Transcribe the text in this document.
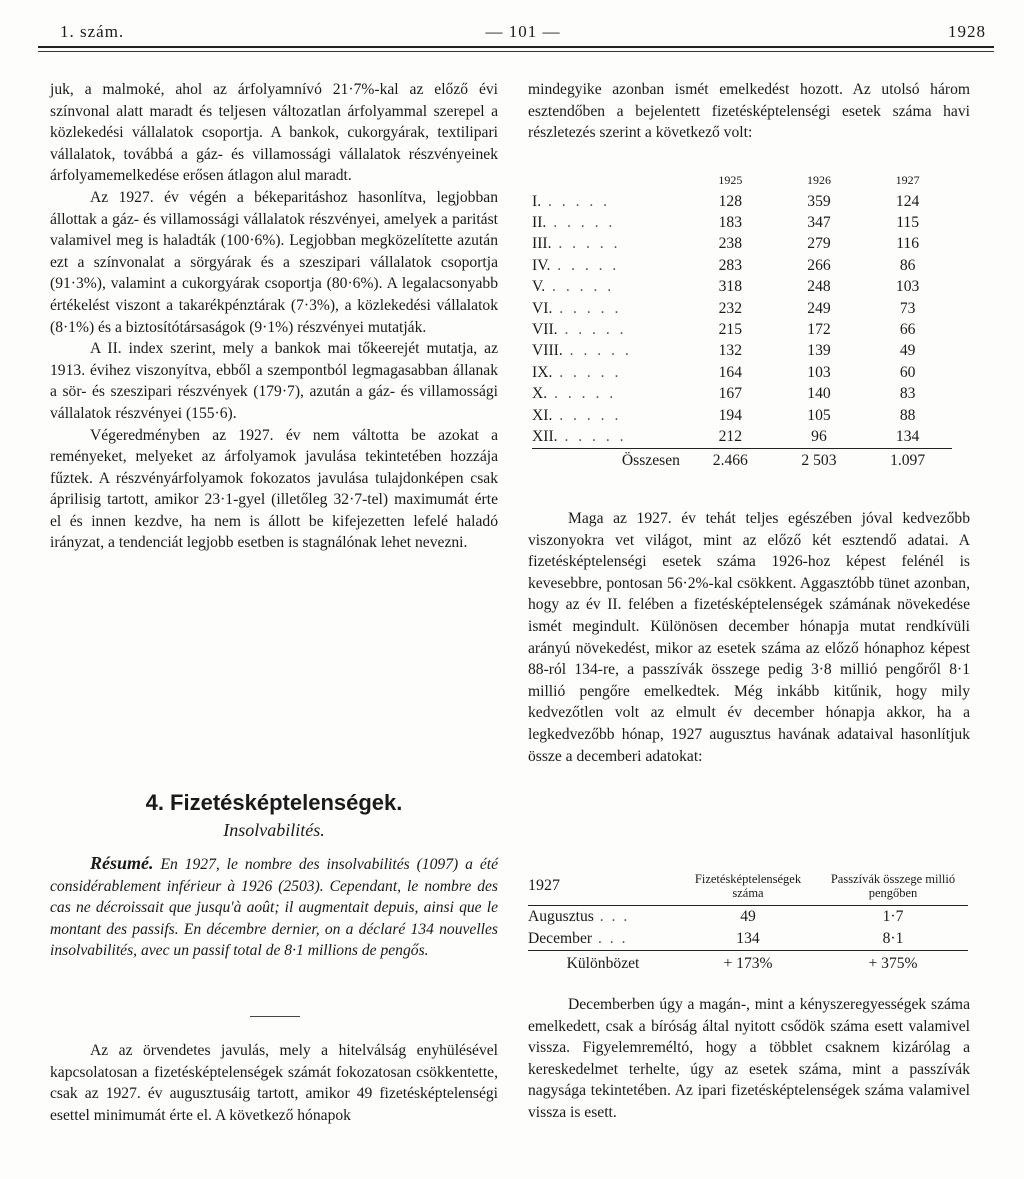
1. szám.	— 101 —	1928

juk, a malmoké, ahol az árfolyamnívó 21·7%-kal az előző évi színvonal alatt maradt és teljesen változatlan árfolyammal szerepel a közlekedési vállalatok csoportja. A bankok, cukorgyárak, textilipari vállalatok, továbbá a gáz- és villamossági vállalatok részvényeinek árfolyamemelkedése erősen átlagon alul maradt.

Az 1927. év végén a békeparitáshoz hasonlítva, legjobban állottak a gáz- és villamossági vállalatok részvényei, amelyek a paritást valamivel meg is haladták (100·6%). Legjobban megközelítette azután ezt a színvonalat a sörgyárak és a szeszipari vállalatok csoportja (91·3%), valamint a cukorgyárak csoportja (80·6%). A legalacsonyabb értékelést viszont a takarékpénztárak (7·3%), a közlekedési vállalatok (8·1%) és a biztosítótársaságok (9·1%) részvényei mutatják.

A II. index szerint, mely a bankok mai tőkeerejét mutatja, az 1913. évihez viszonyítva, ebből a szempontból legmagasabban állanak a sör- és szeszipari részvények (179·7), azután a gáz- és villamossági vállalatok részvényei (155·6).

Végeredményben az 1927. év nem váltotta be azokat a reményeket, melyeket az árfolyamok javulása tekintetében hozzája fűztek. A részvényárfolyamok fokozatos javulása tulajdonképen csak áprilisig tartott, amikor 23·1-gyel (illetőleg 32·7-tel) maximumát érte el és innen kezdve, ha nem is állott be kifejezetten lefelé haladó irányzat, a tendenciát legjobb esetben is stagnálónak lehet nevezni.

4. Fizetésképtelenségek.
Insolvabilités.
Résumé. En 1927, le nombre des insolvabilités (1097) a été considérablement inférieur à 1926 (2503). Cependant, le nombre des cas ne décroissait que jusqu'à août; il augmentait depuis, ainsi que le montant des passifs. En décembre dernier, on a déclaré 134 nouvelles insolvabilités, avec un passif total de 8·1 millions de pengős.

Az az örvendetes javulás, mely a hitelválság enyhülésével kapcsolatosan a fizetésképtelenségek számát fokozatosan csökkentette, csak az 1927. év augusztusáig tartott, amikor 49 fizetésképtelenségi esettel minimumát érte el. A következő hónapok

mindegyike azonban ismét emelkedést hozott. Az utolsó három esztendőben a bejelentett fizetésképtelenségi esetek száma havi részletezés szerint a következő volt:

	1925	1926	1927
I. . . . . .	128	359	124
II. . . . . .	183	347	115
III. . . . . .	238	279	116
IV. . . . . .	283	266	86
V. . . . . .	318	248	103
VI. . . . . .	232	249	73
VII. . . . . .	215	172	66
VIII. . . . . .	132	139	49
IX. . . . . .	164	103	60
X. . . . . .	167	140	83
XI. . . . . .	194	105	88
XII. . . . . .	212	96	134
Összesen	2.466	2 503	1.097

Maga az 1927. év tehát teljes egészében jóval kedvezőbb viszonyokra vet világot, mint az előző két esztendő adatai. A fizetésképtelenségi esetek száma 1926-hoz képest felénél is kevesebbre, pontosan 56·2%-kal csökkent. Aggasztóbb tünet azonban, hogy az év II. felében a fizetésképtelenségek számának növekedése ismét megindult. Különösen december hónapja mutat rendkívüli arányú növekedést, mikor az esetek száma az előző hónaphoz képest 88-ról 134-re, a passzívák összege pedig 3·8 millió pengőről 8·1 millió pengőre emelkedtek. Még inkább kitűnik, hogy mily kedvezőtlen volt az elmult év december hónapja akkor, ha a legkedvezőbb hónap, 1927 augusztus havának adataival hasonlítjuk össze a decemberi adatokat:

1927	Fizetésképtelenségek száma	Passzívák összege millió pengőben
Augusztus . . .	49	1·7
December . . .	134	8·1
Különbözet	+ 173%	+ 375%

Decemberben úgy a magán-, mint a kényszeregyességek száma emelkedett, csak a bíróság által nyitott csődök száma esett valamivel vissza. Figyelemreméltó, hogy a többlet csaknem kizárólag a kereskedelmet terhelte, úgy az esetek száma, mint a passzívák nagysága tekintetében. Az ipari fizetésképtelenségek száma valamivel vissza is esett.
